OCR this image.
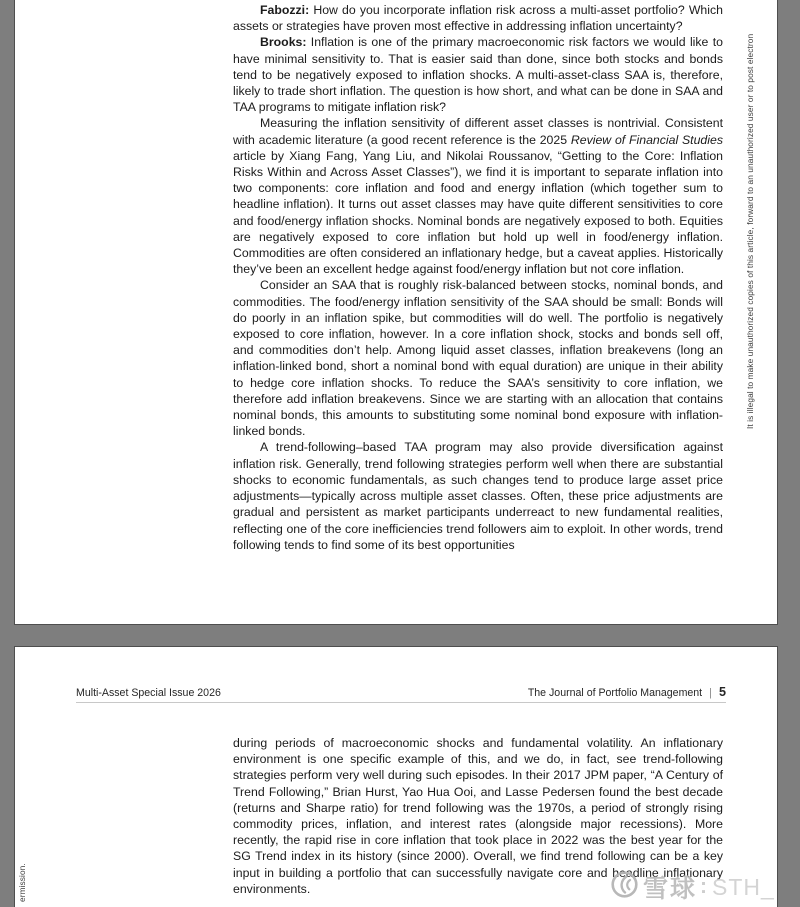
Fabozzi: How do you incorporate inflation risk across a multi-asset portfolio? Which assets or strategies have proven most effective in addressing inflation uncertainty?

Brooks: Inflation is one of the primary macroeconomic risk factors we would like to have minimal sensitivity to. That is easier said than done, since both stocks and bonds tend to be negatively exposed to inflation shocks. A multi-asset-class SAA is, therefore, likely to trade short inflation. The question is how short, and what can be done in SAA and TAA programs to mitigate inflation risk?

Measuring the inflation sensitivity of different asset classes is nontrivial. Consistent with academic literature (a good recent reference is the 2025 Review of Financial Studies article by Xiang Fang, Yang Liu, and Nikolai Roussanov, “Getting to the Core: Inflation Risks Within and Across Asset Classes”), we find it is important to separate inflation into two components: core inflation and food and energy inflation (which together sum to headline inflation). It turns out asset classes may have quite different sensitivities to core and food/energy inflation shocks. Nominal bonds are negatively exposed to both. Equities are negatively exposed to core inflation but hold up well in food/energy inflation. Commodities are often considered an inflationary hedge, but a caveat applies. Historically they’ve been an excellent hedge against food/energy inflation but not core inflation.

Consider an SAA that is roughly risk-balanced between stocks, nominal bonds, and commodities. The food/energy inflation sensitivity of the SAA should be small: Bonds will do poorly in an inflation spike, but commodities will do well. The portfolio is negatively exposed to core inflation, however. In a core inflation shock, stocks and bonds sell off, and commodities don’t help. Among liquid asset classes, inflation breakevens (long an inflation-linked bond, short a nominal bond with equal duration) are unique in their ability to hedge core inflation shocks. To reduce the SAA’s sensitivity to core inflation, we therefore add inflation breakevens. Since we are starting with an allocation that contains nominal bonds, this amounts to substituting some nominal bond exposure with inflation-linked bonds.

A trend-following–based TAA program may also provide diversification against inflation risk. Generally, trend following strategies perform well when there are substantial shocks to economic fundamentals, as such changes tend to produce large asset price adjustments—typically across multiple asset classes. Often, these price adjustments are gradual and persistent as market participants underreact to new fundamental realities, reflecting one of the core inefficiencies trend followers aim to exploit. In other words, trend following tends to find some of its best opportunities

It is illegal to make unauthorized copies of this article, forward to an unauthorized user or to post electron
Multi-Asset Special Issue 2026	The Journal of Portfolio Management | 5
during periods of macroeconomic shocks and fundamental volatility. An inflationary environment is one specific example of this, and we do, in fact, see trend-following strategies perform very well during such episodes. In their 2017 JPM paper, “A Century of Trend Following,” Brian Hurst, Yao Hua Ooi, and Lasse Pedersen found the best decade (returns and Sharpe ratio) for trend following was the 1970s, a period of strongly rising commodity prices, inflation, and interest rates (alongside major recessions). More recently, the rapid rise in core inflation that took place in 2022 was the best year for the SG Trend index in its history (since 2000). Overall, we find trend following can be a key input in building a portfolio that can successfully navigate core and headline inflationary environments.
ermission.	雪球 : STH_
